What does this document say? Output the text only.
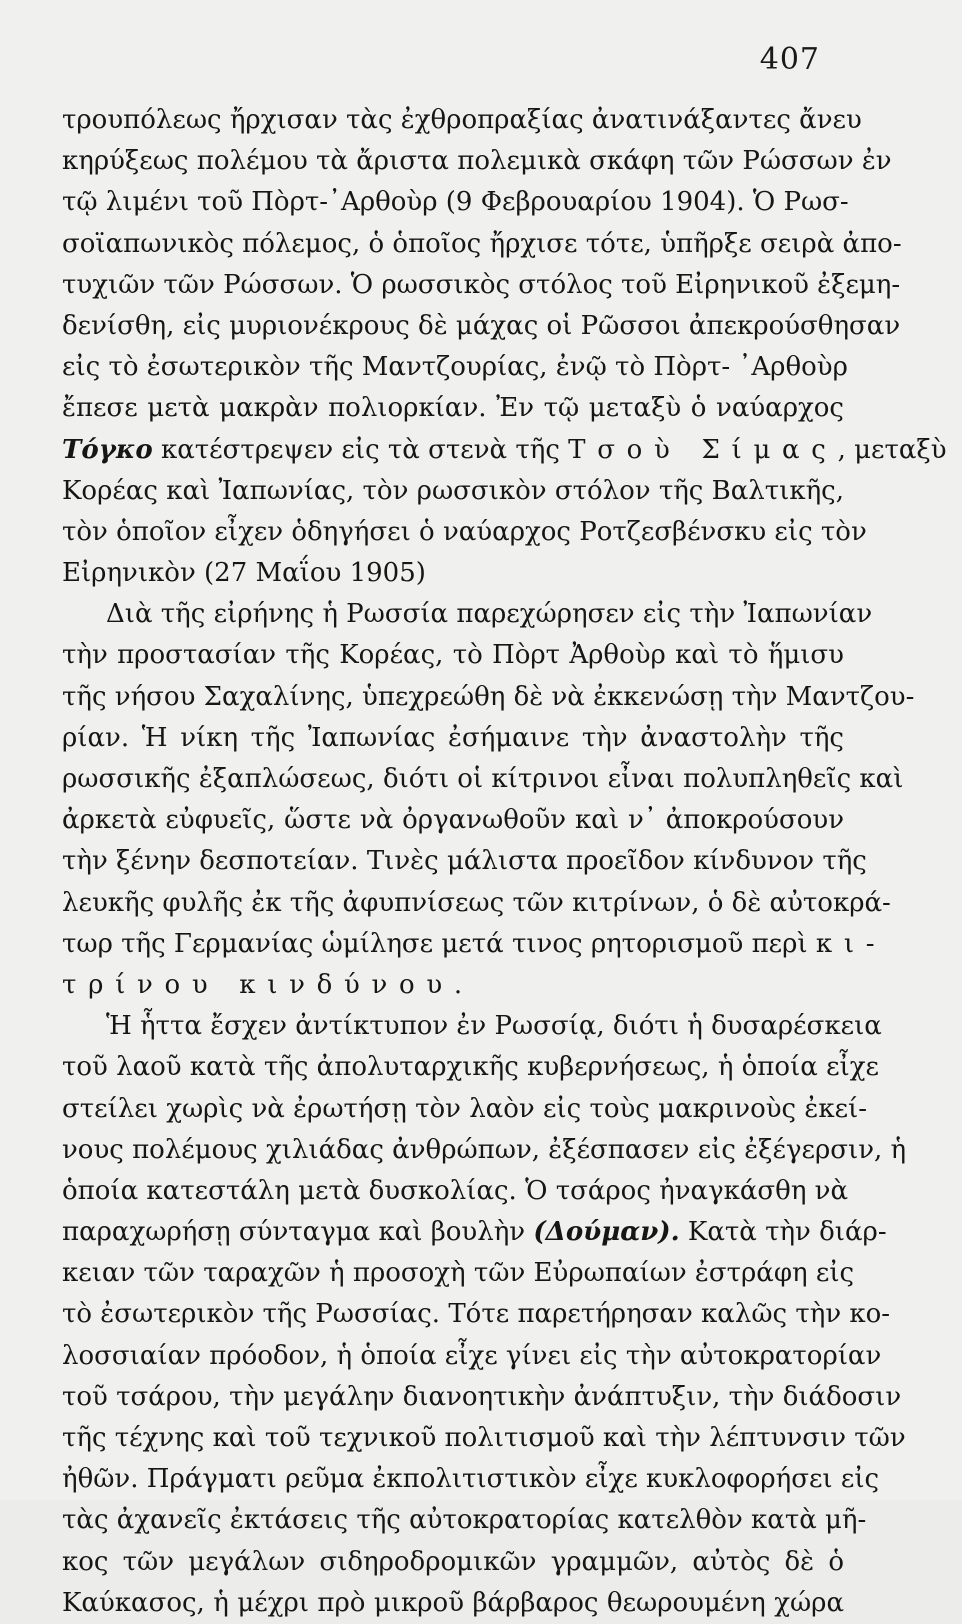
407
τρουπόλεως ἤρχισαν τὰς ἐχθροπραξίας ἀνατινάξαντες ἄνευ
κηρύξεως πολέμου τὰ ἄριστα πολεμικὰ σκάφη τῶν Ρώσσων ἐν
τῷ λιμένι τοῦ Πὸρτ-᾽Αρθοὺρ (9 Φεβρουαρίου 1904). Ὁ Ρωσ-
σοϊαπωνικὸς πόλεμος, ὁ ὁποῖος ἤρχισε τότε, ὑπῆρξε σειρὰ ἀπο-
τυχιῶν τῶν Ρώσσων. Ὁ ρωσσικὸς στόλος τοῦ Εἰρηνικοῦ ἐξεμη-
δενίσθη, εἰς μυριονέκρους δὲ μάχας οἱ Ρῶσσοι ἀπεκρούσθησαν
εἰς τὸ ἐσωτερικὸν τῆς Μαντζουρίας, ἐνῷ τὸ Πὸρτ- ᾽Αρθοὺρ
ἔπεσε μετὰ μακρὰν πολιορκίαν. Ἐν τῷ μεταξὺ ὁ ναύαρχος
Τόγκο κατέστρεψεν εἰς τὰ στενὰ τῆς Τσοὺ Σίμας, μεταξὺ
Κορέας καὶ Ἰαπωνίας, τὸν ρωσσικὸν στόλον τῆς Βαλτικῆς,
τὸν ὁποῖον εἶχεν ὁδηγήσει ὁ ναύαρχος Ροτζεσβένσκυ εἰς τὸν
Εἰρηνικὸν (27 Μαΐου 1905)
Διὰ τῆς εἰρήνης ἡ Ρωσσία παρεχώρησεν εἰς τὴν Ἰαπωνίαν
τὴν προστασίαν τῆς Κορέας, τὸ Πὸρτ Ἀρθοὺρ καὶ τὸ ἥμισυ
τῆς νήσου Σαχαλίνης, ὑπεχρεώθη δὲ νὰ ἐκκενώσῃ τὴν Μαντζου-
ρίαν. Ἡ νίκη τῆς Ἰαπωνίας ἐσήμαινε τὴν ἀναστολὴν τῆς
ρωσσικῆς ἐξαπλώσεως, διότι οἱ κίτρινοι εἶναι πολυπληθεῖς καὶ
ἀρκετὰ εὐφυεῖς, ὥστε νὰ ὀργανωθοῦν καὶ ν᾽ ἀποκρούσουν
τὴν ξένην δεσποτείαν. Τινὲς μάλιστα προεῖδον κίνδυνον τῆς
λευκῆς φυλῆς ἐκ τῆς ἀφυπνίσεως τῶν κιτρίνων, ὁ δὲ αὐτοκρά-
τωρ τῆς Γερμανίας ὡμίλησε μετά τινος ρητορισμοῦ περὶ κι-
τρίνου κινδύνου.
Ἡ ἧττα ἔσχεν ἀντίκτυπον ἐν Ρωσσίᾳ, διότι ἡ δυσαρέσκεια
τοῦ λαοῦ κατὰ τῆς ἀπολυταρχικῆς κυβερνήσεως, ἡ ὁποία εἶχε
στείλει χωρὶς νὰ ἐρωτήσῃ τὸν λαὸν εἰς τοὺς μακρινοὺς ἐκεί-
νους πολέμους χιλιάδας ἀνθρώπων, ἐξέσπασεν εἰς ἐξέγερσιν, ἡ
ὁποία κατεστάλη μετὰ δυσκολίας. Ὁ τσάρος ἠναγκάσθη νὰ
παραχωρήσῃ σύνταγμα καὶ βουλὴν (Δούμαν). Κατὰ τὴν διάρ-
κειαν τῶν ταραχῶν ἡ προσοχὴ τῶν Εὐρωπαίων ἐστράφη εἰς
τὸ ἐσωτερικὸν τῆς Ρωσσίας. Τότε παρετήρησαν καλῶς τὴν κο-
λοσσιαίαν πρόοδον, ἡ ὁποία εἶχε γίνει εἰς τὴν αὐτοκρατορίαν
τοῦ τσάρου, τὴν μεγάλην διανοητικὴν ἀνάπτυξιν, τὴν διάδοσιν
τῆς τέχνης καὶ τοῦ τεχνικοῦ πολιτισμοῦ καὶ τὴν λέπτυνσιν τῶν
ἠθῶν. Πράγματι ρεῦμα ἐκπολιτιστικὸν εἶχε κυκλοφορήσει εἰς
τὰς ἀχανεῖς ἐκτάσεις τῆς αὐτοκρατορίας κατελθὸν κατὰ μῆ-
κος τῶν μεγάλων σιδηροδρομικῶν γραμμῶν, αὐτὸς δὲ ὁ
Καύκασος, ἡ μέχρι πρὸ μικροῦ βάρβαρος θεωρουμένη χώρα
